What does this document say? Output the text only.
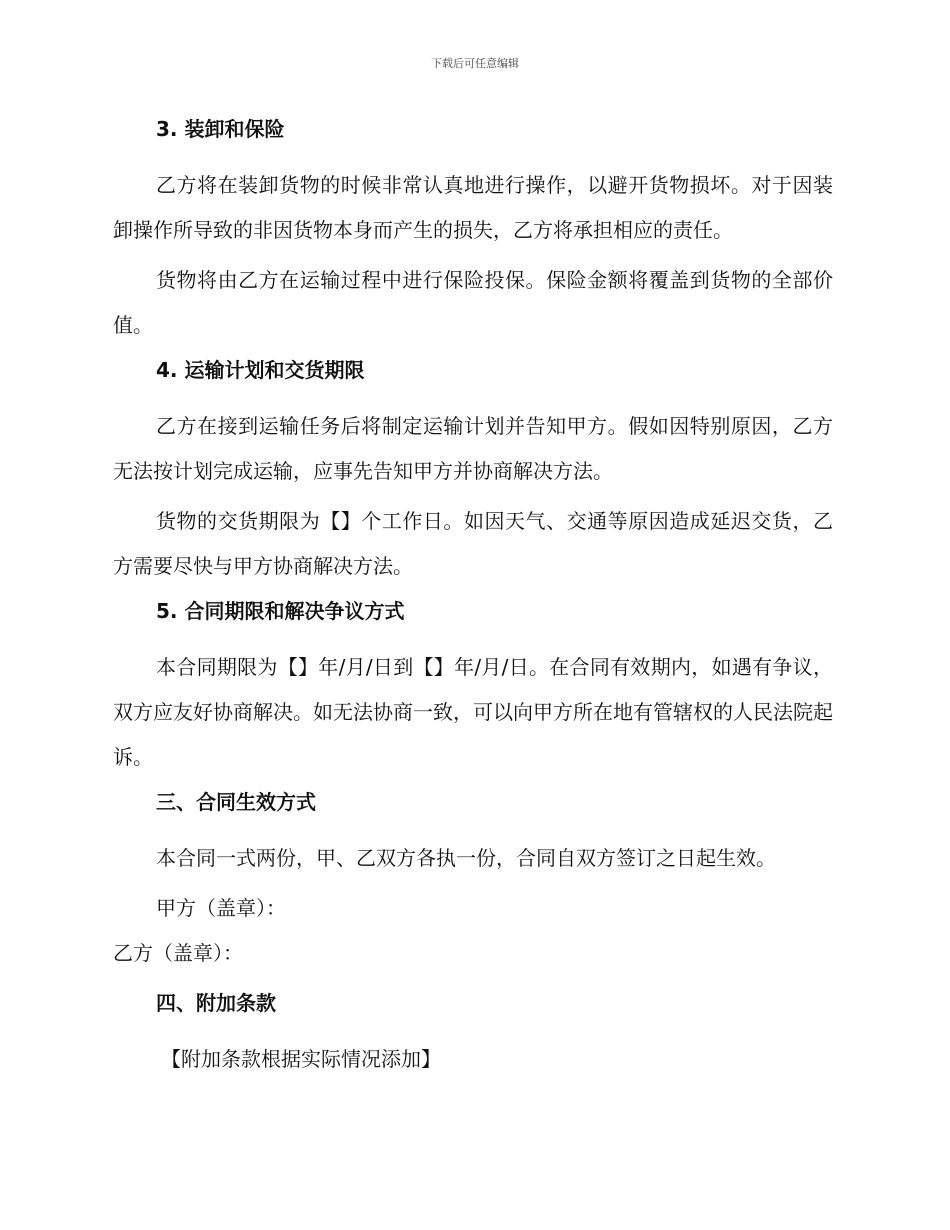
下载后可任意编辑
3. 装卸和保险

乙方将在装卸货物的时候非常认真地进行操作，以避开货物损坏。对于因装卸操作所导致的非因货物本身而产生的损失，乙方将承担相应的责任。

货物将由乙方在运输过程中进行保险投保。保险金额将覆盖到货物的全部价值。

4. 运输计划和交货期限

乙方在接到运输任务后将制定运输计划并告知甲方。假如因特别原因，乙方无法按计划完成运输，应事先告知甲方并协商解决方法。

货物的交货期限为【】个工作日。如因天气、交通等原因造成延迟交货，乙方需要尽快与甲方协商解决方法。

5. 合同期限和解决争议方式

本合同期限为【】年/月/日到【】年/月/日。在合同有效期内，如遇有争议，双方应友好协商解决。如无法协商一致，可以向甲方所在地有管辖权的人民法院起诉。

三、合同生效方式

本合同一式两份，甲、乙双方各执一份，合同自双方签订之日起生效。

甲方（盖章）：

乙方（盖章）：

四、附加条款

【附加条款根据实际情况添加】
